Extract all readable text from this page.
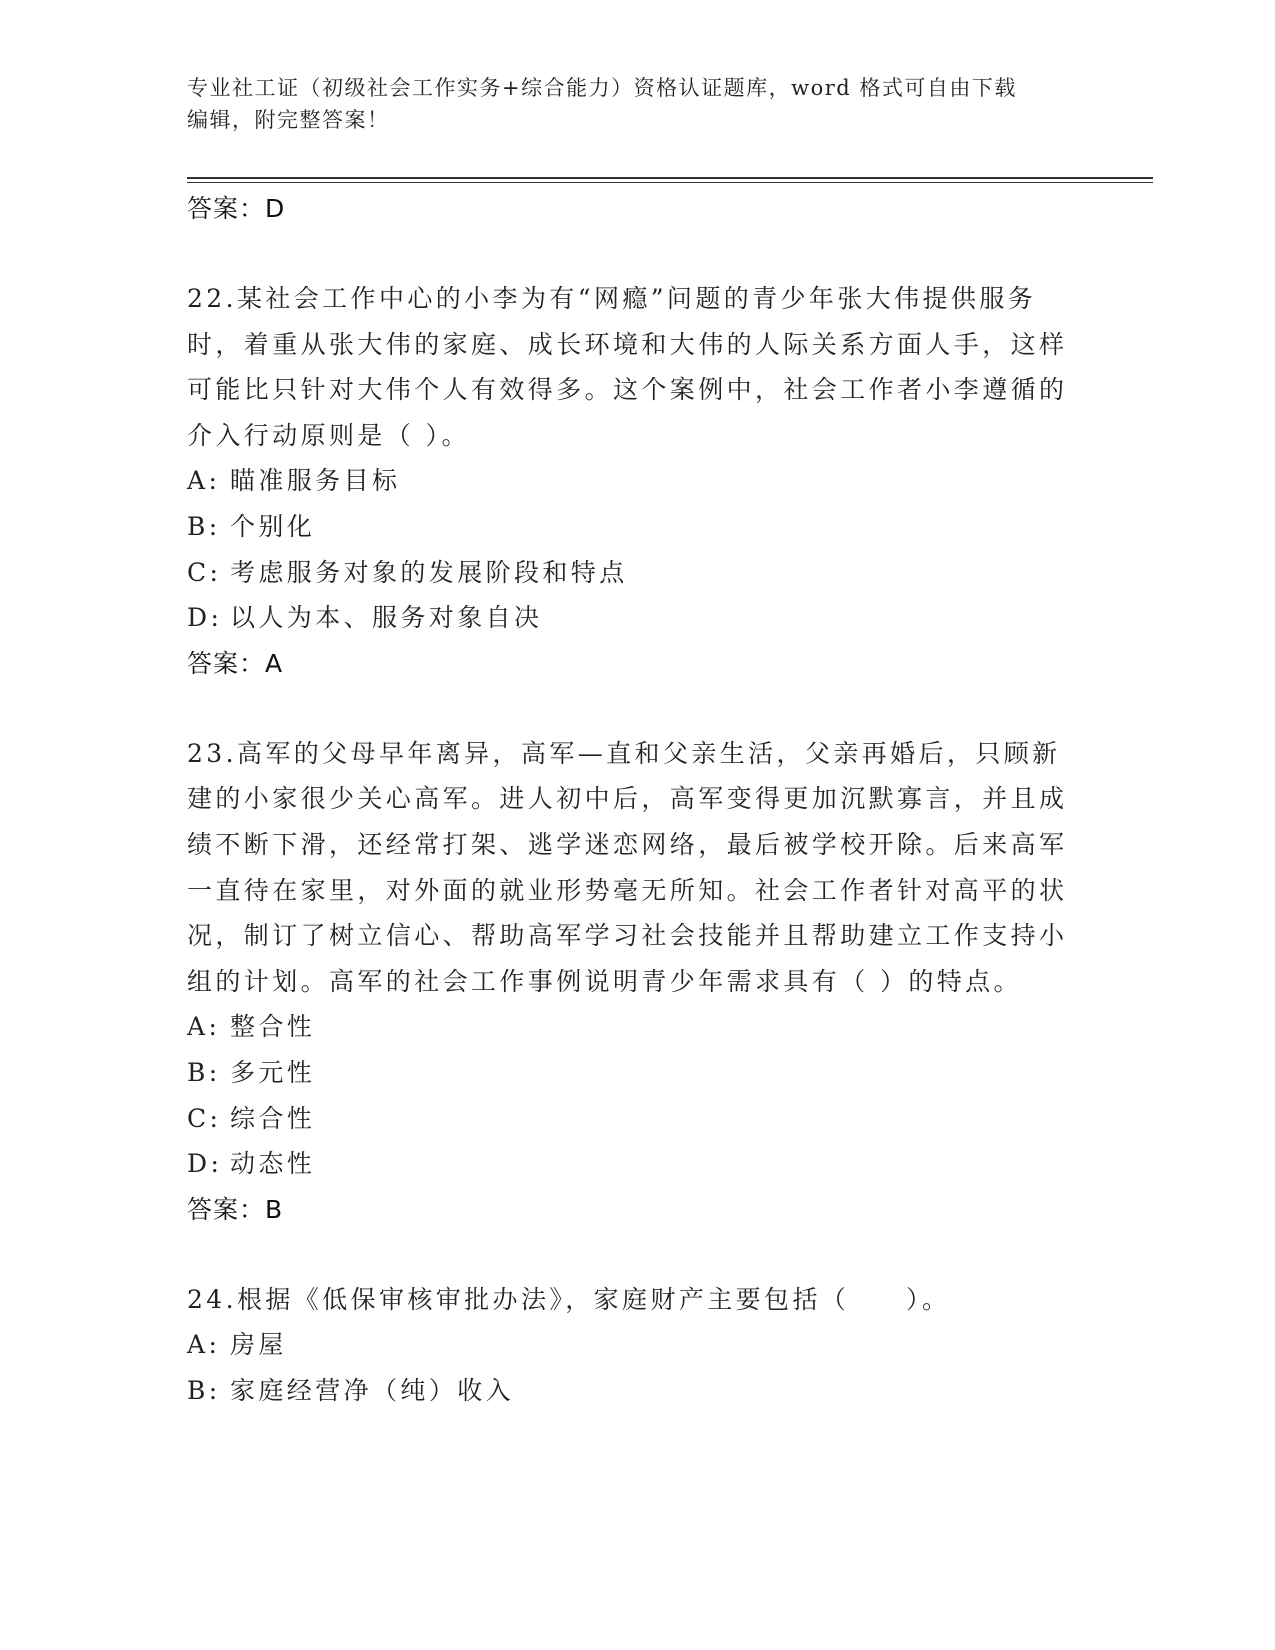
专业社工证（初级社会工作实务+综合能力）资格认证题库，word 格式可自由下载
编辑，附完整答案！
答案：D

22.某社会工作中心的小李为有“网瘾”问题的青少年张大伟提供服务时，着重从张大伟的家庭、成长环境和大伟的人际关系方面人手，这样可能比只针对大伟个人有效得多。这个案例中，社会工作者小李遵循的介入行动原则是（ ）。

A: 瞄准服务目标
B: 个别化
C: 考虑服务对象的发展阶段和特点
D: 以人为本、服务对象自决
答案：A

23.高军的父母早年离异，高军—直和父亲生活，父亲再婚后，只顾新建的小家很少关心高军。进人初中后，高军变得更加沉默寡言，并且成绩不断下滑，还经常打架、逃学迷恋网络，最后被学校开除。后来高军一直待在家里，对外面的就业形势毫无所知。社会工作者针对高平的状况，制订了树立信心、帮助高军学习社会技能并且帮助建立工作支持小组的计划。高军的社会工作事例说明青少年需求具有（ ）的特点。

A: 整合性
B: 多元性
C: 综合性
D: 动态性
答案：B

24.根据《低保审核审批办法》，家庭财产主要包括（　　）。

A: 房屋
B: 家庭经营净（纯）收入
